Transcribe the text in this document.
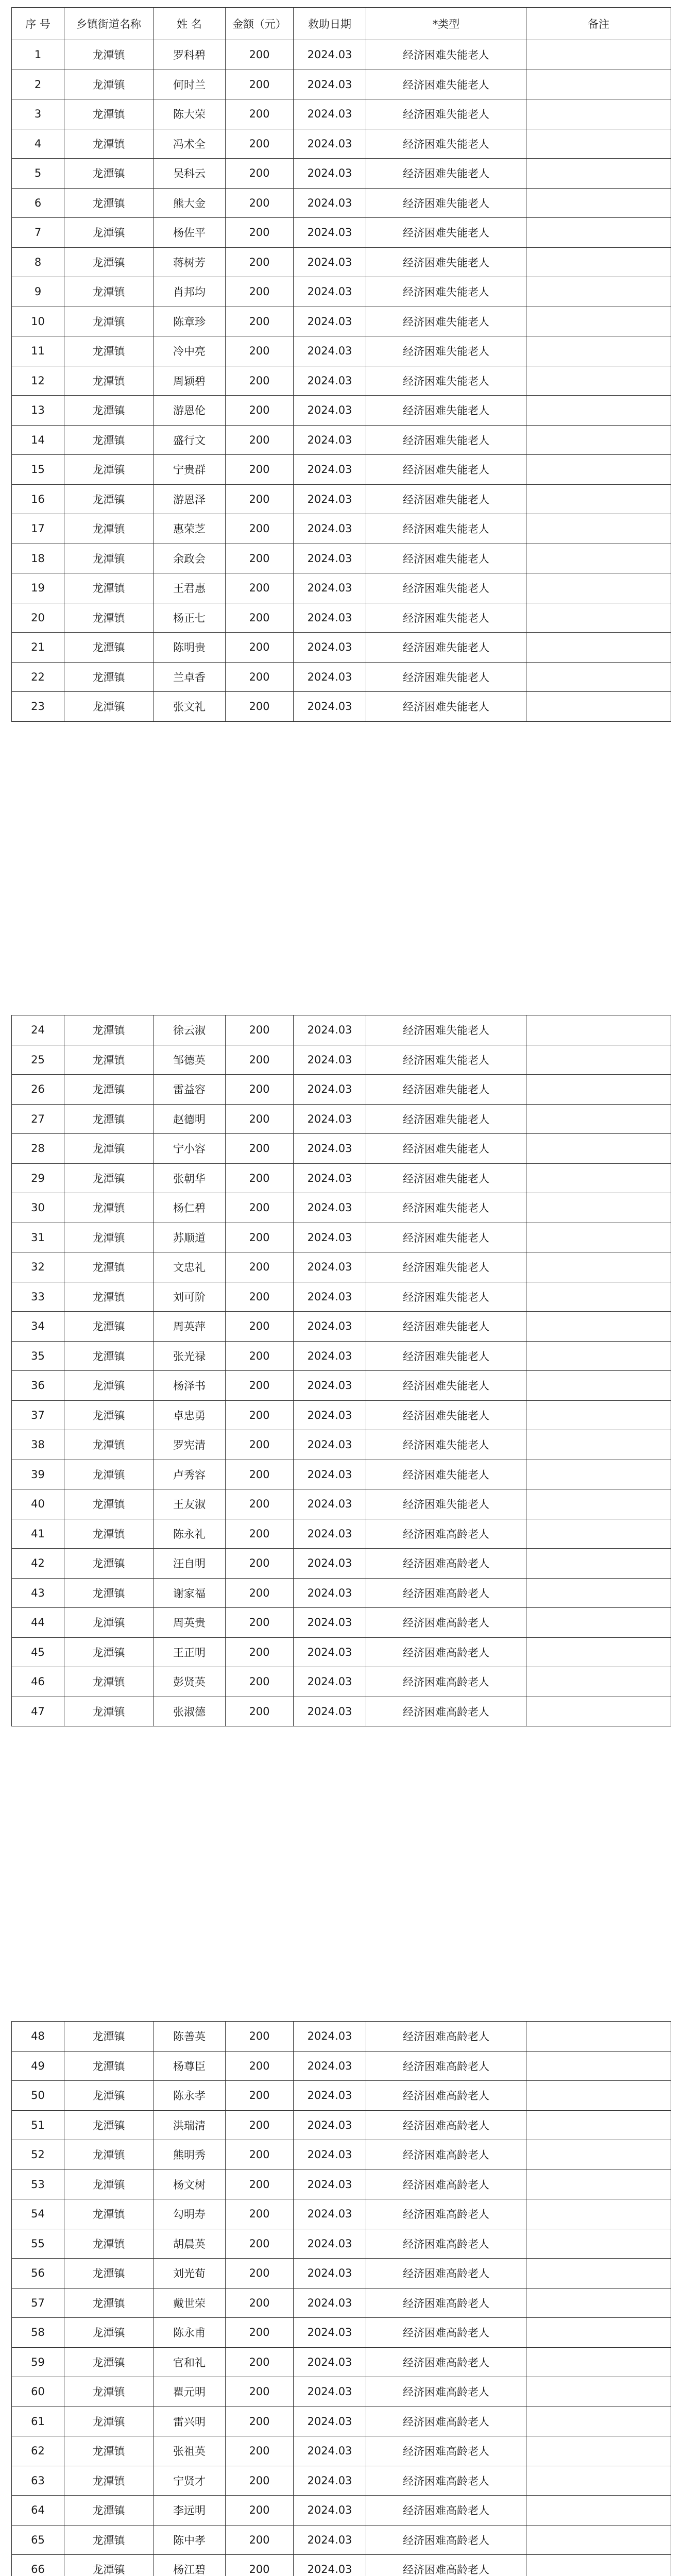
序 号	乡镇街道名称	姓 名	金额（元）	救助日期	*类型	备注
1	龙潭镇	罗科碧	200	2024.03	经济困难失能老人	
2	龙潭镇	何时兰	200	2024.03	经济困难失能老人	
3	龙潭镇	陈大荣	200	2024.03	经济困难失能老人	
4	龙潭镇	冯术全	200	2024.03	经济困难失能老人	
5	龙潭镇	吴科云	200	2024.03	经济困难失能老人	
6	龙潭镇	熊大金	200	2024.03	经济困难失能老人	
7	龙潭镇	杨佐平	200	2024.03	经济困难失能老人	
8	龙潭镇	蒋树芳	200	2024.03	经济困难失能老人	
9	龙潭镇	肖邦均	200	2024.03	经济困难失能老人	
10	龙潭镇	陈章珍	200	2024.03	经济困难失能老人	
11	龙潭镇	冷中亮	200	2024.03	经济困难失能老人	
12	龙潭镇	周颖碧	200	2024.03	经济困难失能老人	
13	龙潭镇	游恩伦	200	2024.03	经济困难失能老人	
14	龙潭镇	盛行文	200	2024.03	经济困难失能老人	
15	龙潭镇	宁贵群	200	2024.03	经济困难失能老人	
16	龙潭镇	游恩泽	200	2024.03	经济困难失能老人	
17	龙潭镇	惠荣芝	200	2024.03	经济困难失能老人	
18	龙潭镇	余政会	200	2024.03	经济困难失能老人	
19	龙潭镇	王君惠	200	2024.03	经济困难失能老人	
20	龙潭镇	杨正七	200	2024.03	经济困难失能老人	
21	龙潭镇	陈明贵	200	2024.03	经济困难失能老人	
22	龙潭镇	兰卓香	200	2024.03	经济困难失能老人	
23	龙潭镇	张文礼	200	2024.03	经济困难失能老人	
24	龙潭镇	徐云淑	200	2024.03	经济困难失能老人	
25	龙潭镇	邹德英	200	2024.03	经济困难失能老人	
26	龙潭镇	雷益容	200	2024.03	经济困难失能老人	
27	龙潭镇	赵德明	200	2024.03	经济困难失能老人	
28	龙潭镇	宁小容	200	2024.03	经济困难失能老人	
29	龙潭镇	张朝华	200	2024.03	经济困难失能老人	
30	龙潭镇	杨仁碧	200	2024.03	经济困难失能老人	
31	龙潭镇	苏顺道	200	2024.03	经济困难失能老人	
32	龙潭镇	文忠礼	200	2024.03	经济困难失能老人	
33	龙潭镇	刘可阶	200	2024.03	经济困难失能老人	
34	龙潭镇	周英萍	200	2024.03	经济困难失能老人	
35	龙潭镇	张光禄	200	2024.03	经济困难失能老人	
36	龙潭镇	杨泽书	200	2024.03	经济困难失能老人	
37	龙潭镇	卓忠勇	200	2024.03	经济困难失能老人	
38	龙潭镇	罗宪清	200	2024.03	经济困难失能老人	
39	龙潭镇	卢秀容	200	2024.03	经济困难失能老人	
40	龙潭镇	王友淑	200	2024.03	经济困难失能老人	
41	龙潭镇	陈永礼	200	2024.03	经济困难高龄老人	
42	龙潭镇	汪自明	200	2024.03	经济困难高龄老人	
43	龙潭镇	谢家福	200	2024.03	经济困难高龄老人	
44	龙潭镇	周英贵	200	2024.03	经济困难高龄老人	
45	龙潭镇	王正明	200	2024.03	经济困难高龄老人	
46	龙潭镇	彭贤英	200	2024.03	经济困难高龄老人	
47	龙潭镇	张淑德	200	2024.03	经济困难高龄老人	
48	龙潭镇	陈善英	200	2024.03	经济困难高龄老人	
49	龙潭镇	杨尊臣	200	2024.03	经济困难高龄老人	
50	龙潭镇	陈永孝	200	2024.03	经济困难高龄老人	
51	龙潭镇	洪瑞清	200	2024.03	经济困难高龄老人	
52	龙潭镇	熊明秀	200	2024.03	经济困难高龄老人	
53	龙潭镇	杨文树	200	2024.03	经济困难高龄老人	
54	龙潭镇	勾明寿	200	2024.03	经济困难高龄老人	
55	龙潭镇	胡晨英	200	2024.03	经济困难高龄老人	
56	龙潭镇	刘光荀	200	2024.03	经济困难高龄老人	
57	龙潭镇	戴世荣	200	2024.03	经济困难高龄老人	
58	龙潭镇	陈永甫	200	2024.03	经济困难高龄老人	
59	龙潭镇	官和礼	200	2024.03	经济困难高龄老人	
60	龙潭镇	瞿元明	200	2024.03	经济困难高龄老人	
61	龙潭镇	雷兴明	200	2024.03	经济困难高龄老人	
62	龙潭镇	张祖英	200	2024.03	经济困难高龄老人	
63	龙潭镇	宁贤才	200	2024.03	经济困难高龄老人	
64	龙潭镇	李远明	200	2024.03	经济困难高龄老人	
65	龙潭镇	陈中孝	200	2024.03	经济困难高龄老人	
66	龙潭镇	杨江碧	200	2024.03	经济困难高龄老人	
